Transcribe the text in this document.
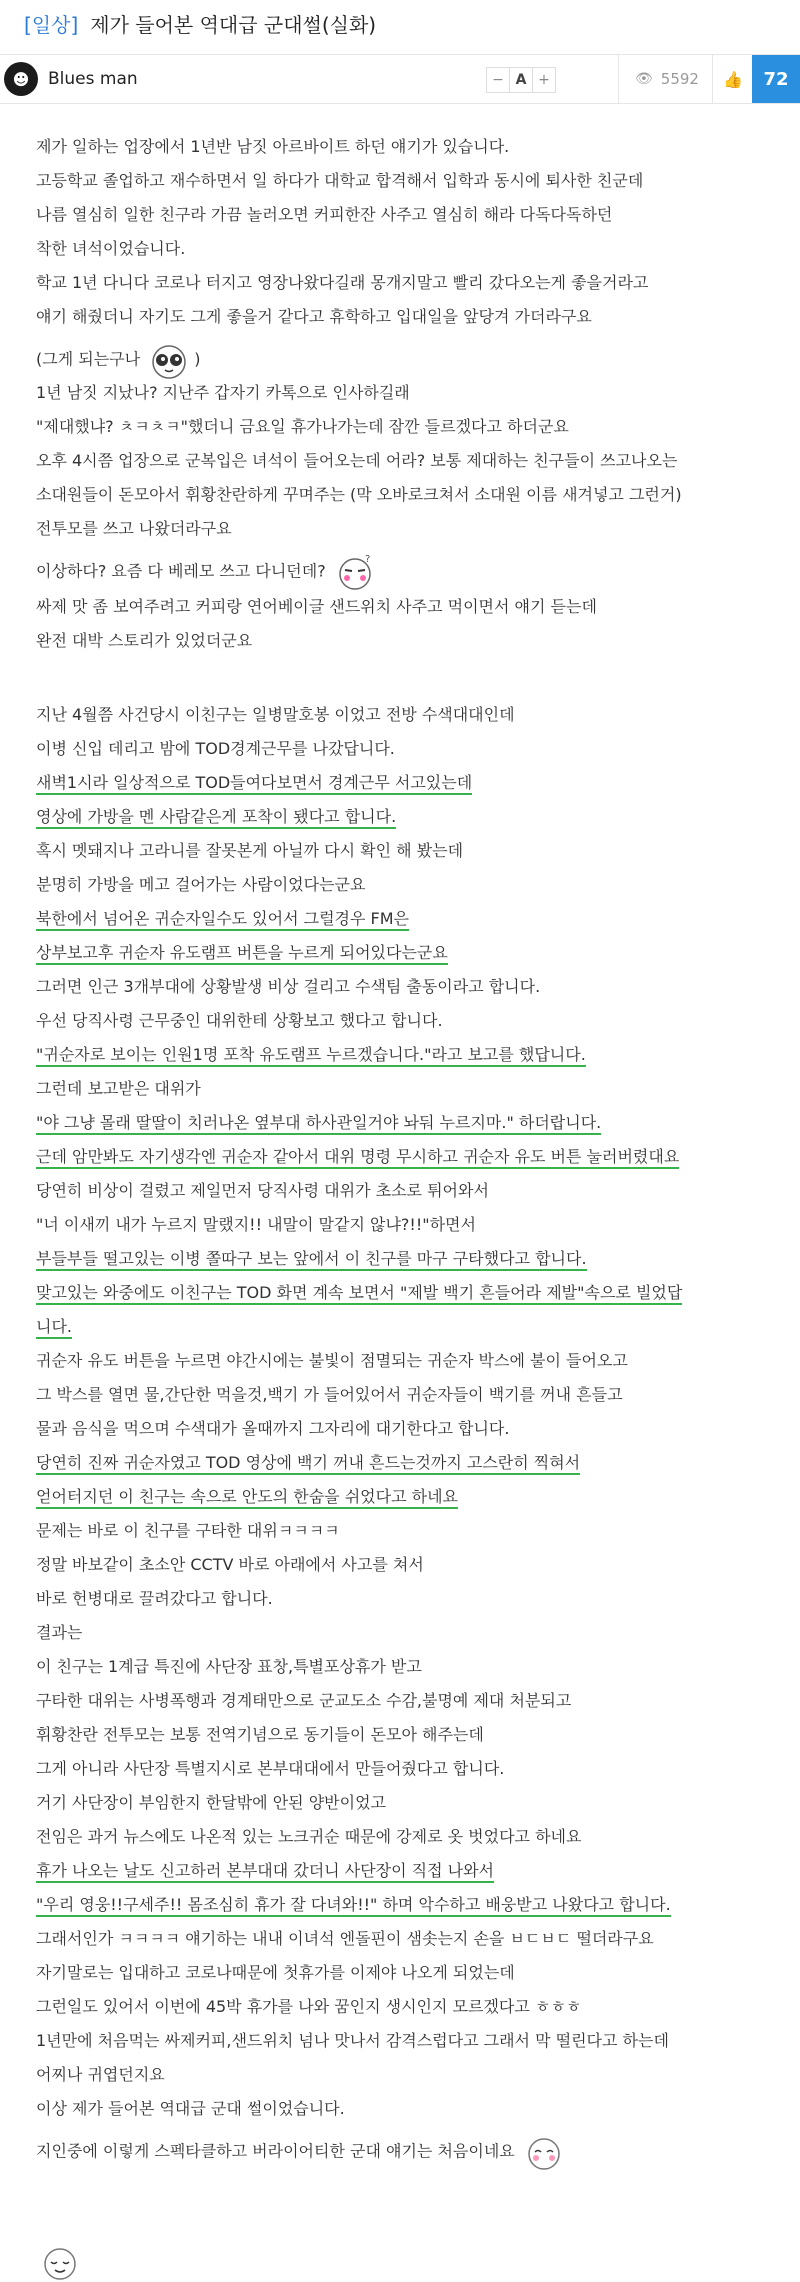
[일상] 제가 들어본 역대급 군대썰(실화)
☻	Blues man	− A +	👁 5592	👍	72
제가 일하는 업장에서 1년반 남짓 아르바이트 하던 얘기가 있습니다.
고등학교 졸업하고 재수하면서 일 하다가 대학교 합격해서 입학과 동시에 퇴사한 친군데
나름 열심히 일한 친구라 가끔 놀러오면 커피한잔 사주고 열심히 해라 다독다독하던
착한 녀석이었습니다.
학교 1년 다니다 코로나 터지고 영장나왔다길래 몽개지말고 빨리 갔다오는게 좋을거라고
얘기 해줬더니 자기도 그게 좋을거 같다고 휴학하고 입대일을 앞당겨 가더라구요
(그게 되는구나	)
1년 남짓 지났나? 지난주 갑자기 카톡으로 인사하길래
"제대했냐? ㅊㅋㅊㅋ"했더니 금요일 휴가나가는데 잠깐 들르겠다고 하더군요
오후 4시쯤 업장으로 군복입은 녀석이 들어오는데 어라? 보통 제대하는 친구들이 쓰고나오는
소대원들이 돈모아서 휘황찬란하게 꾸며주는 (막 오바로크쳐서 소대원 이름 새겨넣고 그런거)
전투모를 쓰고 나왔더라구요
이상하다? 요즘 다 베레모 쓰고 다니던데?
?
싸제 맛 좀 보여주려고 커피랑 연어베이글 샌드위치 사주고 먹이면서 얘기 듣는데
완전 대박 스토리가 있었더군요
지난 4월쯤 사건당시 이친구는 일병말호봉 이었고 전방 수색대대인데
이병 신입 데리고 밤에 TOD경계근무를 나갔답니다.
새벽1시라 일상적으로 TOD들여다보면서 경계근무 서고있는데
영상에 가방을 멘 사람같은게 포착이 됐다고 합니다.
혹시 멧돼지나 고라니를 잘못본게 아닐까 다시 확인 해 봤는데
분명히 가방을 메고 걸어가는 사람이었다는군요
북한에서 넘어온 귀순자일수도 있어서 그럴경우 FM은
상부보고후 귀순자 유도램프 버튼을 누르게 되어있다는군요
그러면 인근 3개부대에 상황발생 비상 걸리고 수색팀 출동이라고 합니다.
우선 당직사령 근무중인 대위한테 상황보고 했다고 합니다.
"귀순자로 보이는 인원1명 포착 유도램프 누르겠습니다."라고 보고를 했답니다.
그런데 보고받은 대위가
"야 그냥 몰래 딸딸이 치러나온 옆부대 하사관일거야 놔둬 누르지마." 하더랍니다.
근데 암만봐도 자기생각엔 귀순자 같아서 대위 명령 무시하고 귀순자 유도 버튼 눌러버렸대요
당연히 비상이 걸렸고 제일먼저 당직사령 대위가 초소로 튀어와서
"너 이새끼 내가 누르지 말랬지!! 내말이 말같지 않냐?!!"하면서
부들부들 떨고있는 이병 쫄따구 보는 앞에서 이 친구를 마구 구타했다고 합니다.
맞고있는 와중에도 이친구는 TOD 화면 계속 보면서 "제발 백기 흔들어라 제발"속으로 빌었답
니다.
귀순자 유도 버튼을 누르면 야간시에는 불빛이 점멸되는 귀순자 박스에 불이 들어오고
그 박스를 열면 물,간단한 먹을것,백기 가 들어있어서 귀순자들이 백기를 꺼내 흔들고
물과 음식을 먹으며 수색대가 올때까지 그자리에 대기한다고 합니다.
당연히 진짜 귀순자였고 TOD 영상에 백기 꺼내 흔드는것까지 고스란히 찍혀서
얻어터지던 이 친구는 속으로 안도의 한숨을 쉬었다고 하네요
문제는 바로 이 친구를 구타한 대위ㅋㅋㅋㅋ
정말 바보같이 초소안 CCTV 바로 아래에서 사고를 쳐서
바로 헌병대로 끌려갔다고 합니다.
결과는
이 친구는 1계급 특진에 사단장 표창,특별포상휴가 받고
구타한 대위는 사병폭행과 경계태만으로 군교도소 수감,불명예 제대 처분되고
휘황찬란 전투모는 보통 전역기념으로 동기들이 돈모아 해주는데
그게 아니라 사단장 특별지시로 본부대대에서 만들어줬다고 합니다.
거기 사단장이 부임한지 한달밖에 안된 양반이었고
전임은 과거 뉴스에도 나온적 있는 노크귀순 때문에 강제로 옷 벗었다고 하네요
휴가 나오는 날도 신고하러 본부대대 갔더니 사단장이 직접 나와서
"우리 영웅!!구세주!! 몸조심히 휴가 잘 다녀와!!" 하며 악수하고 배웅받고 나왔다고 합니다.
그래서인가 ㅋㅋㅋㅋ 얘기하는 내내 이녀석 엔돌핀이 샘솟는지 손을 ㅂㄷㅂㄷ 떨더라구요
자기말로는 입대하고 코로나때문에 첫휴가를 이제야 나오게 되었는데
그런일도 있어서 이번에 45박 휴가를 나와 꿈인지 생시인지 모르겠다고 ㅎㅎㅎ
1년만에 처음먹는 싸제커피,샌드위치 넘나 맛나서 감격스럽다고 그래서 막 떨린다고 하는데
어찌나 귀엽던지요
이상 제가 들어본 역대급 군대 썰이었습니다.
지인중에 이렇게 스펙타클하고 버라이어티한 군대 얘기는 처음이네요
